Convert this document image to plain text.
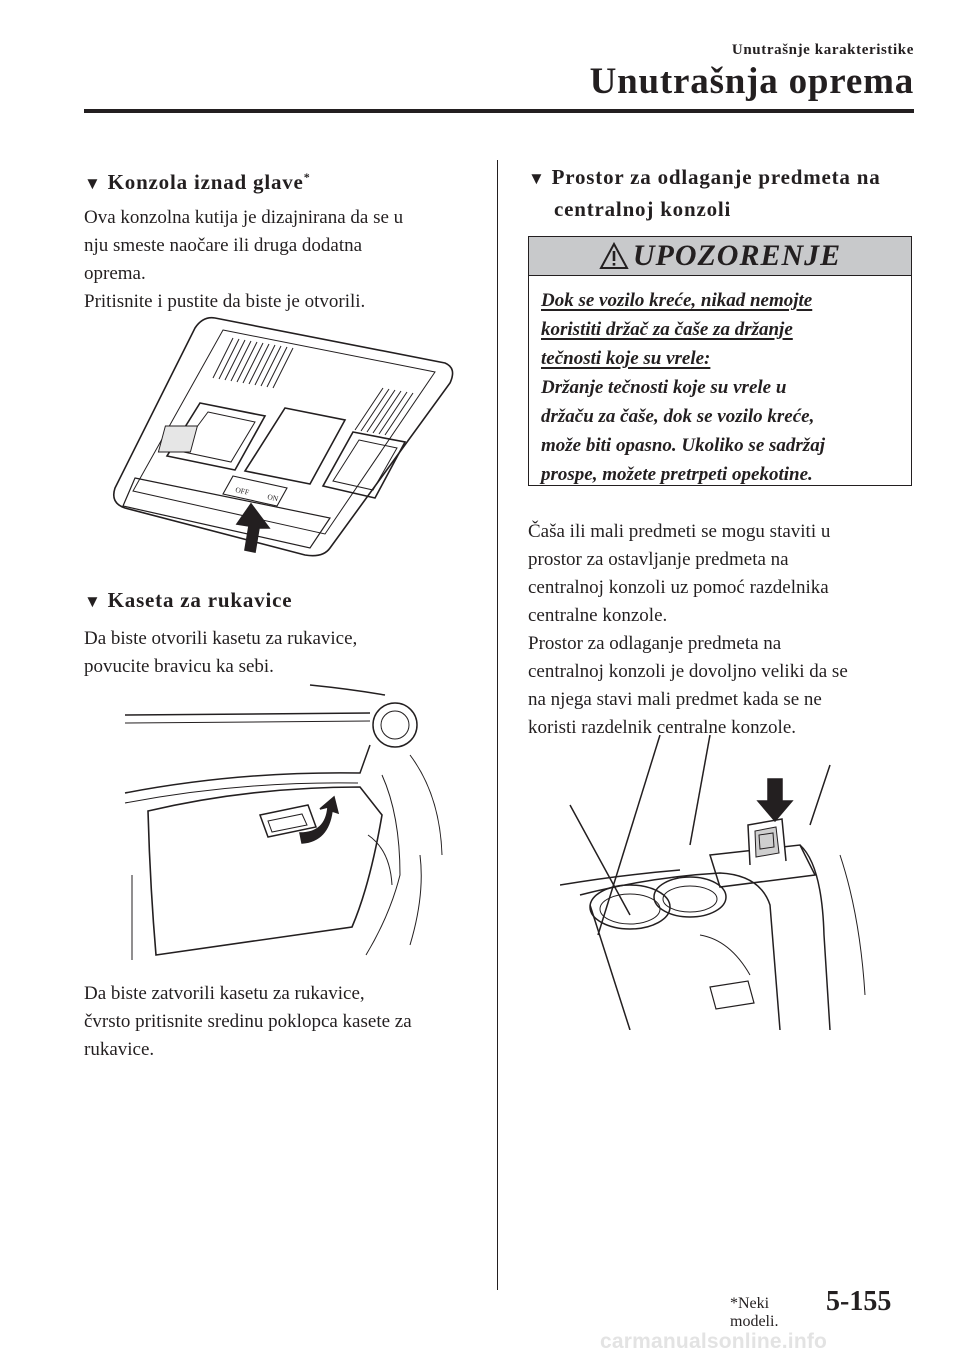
Unutrašnje karakteristike
Unutrašnja oprema
▼ Konzola iznad glave*
Ova konzolna kutija je dizajnirana da se u
nju smeste naočare ili druga dodatna
oprema.
Pritisnite i pustite da biste je otvorili.
OFF
ON
▼ Kaseta za rukavice
Da biste otvorili kasetu za rukavice,
povucite bravicu ka sebi.
Da biste zatvorili kasetu za rukavice,
čvrsto pritisnite sredinu poklopca kasete za
rukavice.
▼ Prostor za odlaganje predmeta na
centralnoj konzoli
UPOZORENJE
Dok se vozilo kreće, nikad nemojte
koristiti držač za čaše za držanje
tečnosti koje su vrele:
Držanje tečnosti koje su vrele u
držaču za čaše, dok se vozilo kreće,
može biti opasno. Ukoliko se sadržaj
prospe, možete pretrpeti opekotine.
Čaša ili mali predmeti se mogu staviti u
prostor za ostavljanje predmeta na
centralnoj konzoli uz pomoć razdelnika
centralne konzole.
Prostor za odlaganje predmeta na
centralnoj konzoli je dovoljno veliki da se
na njega stavi mali predmet kada se ne
koristi razdelnik centralne konzole.
*Neki modeli.
5-155
carmanualsonline.info
